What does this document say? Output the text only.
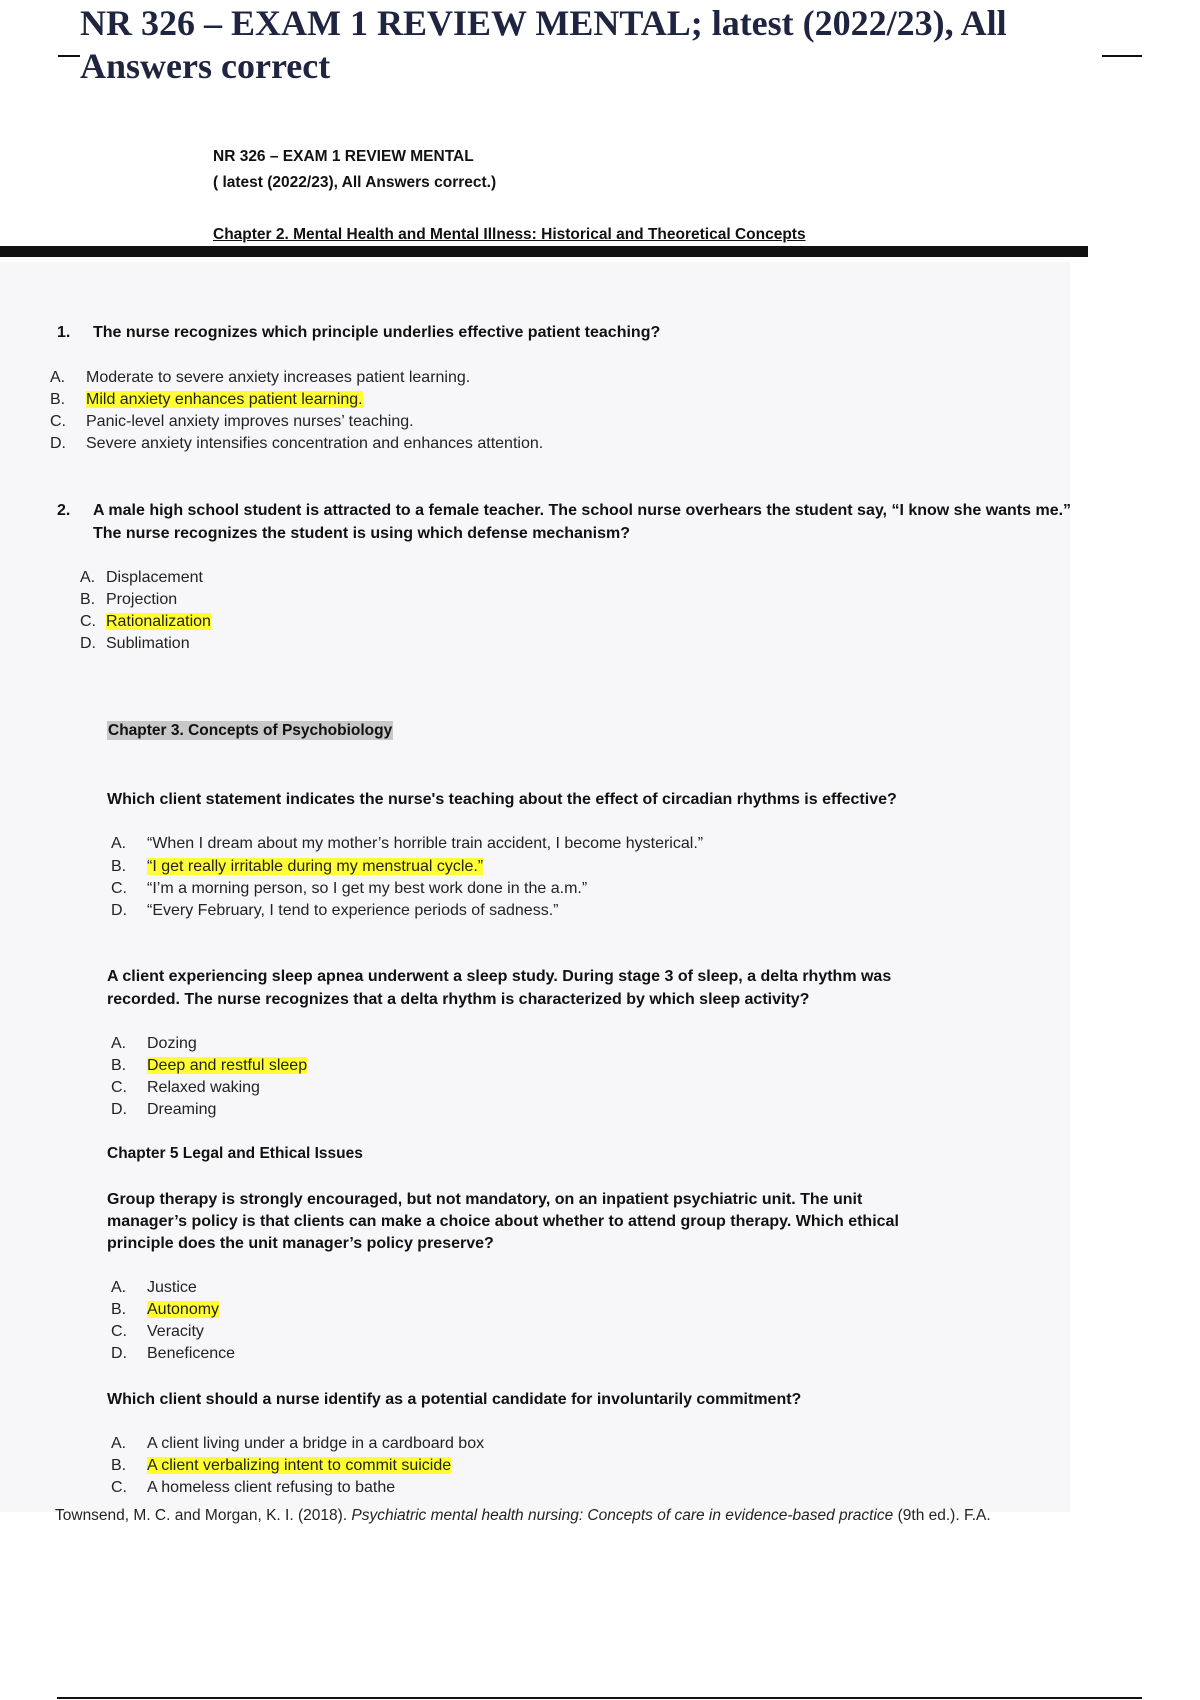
NR 326 – EXAM 1 REVIEW MENTAL; latest (2022/23), All Answers correct
NR 326 – EXAM 1 REVIEW MENTAL
( latest (2022/23), All Answers correct.)
Chapter 2. Mental Health and Mental Illness: Historical and Theoretical Concepts
1. The nurse recognizes which principle underlies effective patient teaching?
A. Moderate to severe anxiety increases patient learning.
B. Mild anxiety enhances patient learning.
C. Panic-level anxiety improves nurses’ teaching.
D. Severe anxiety intensifies concentration and enhances attention.
2. A male high school student is attracted to a female teacher. The school nurse overhears the student say, “I know she wants me.”
The nurse recognizes the student is using which defense mechanism?
A. Displacement
B. Projection
C. Rationalization
D. Sublimation
Chapter 3. Concepts of Psychobiology
Which client statement indicates the nurse's teaching about the effect of circadian rhythms is effective?
A. “When I dream about my mother’s horrible train accident, I become hysterical.”
B. “I get really irritable during my menstrual cycle.”
C. “I’m a morning person, so I get my best work done in the a.m.”
D. “Every February, I tend to experience periods of sadness.”
A client experiencing sleep apnea underwent a sleep study. During stage 3 of sleep, a delta rhythm was
recorded. The nurse recognizes that a delta rhythm is characterized by which sleep activity?
A. Dozing
B. Deep and restful sleep
C. Relaxed waking
D. Dreaming
Chapter 5 Legal and Ethical Issues
Group therapy is strongly encouraged, but not mandatory, on an inpatient psychiatric unit. The unit
manager’s policy is that clients can make a choice about whether to attend group therapy. Which ethical
principle does the unit manager’s policy preserve?
A. Justice
B. Autonomy
C. Veracity
D. Beneficence
Which client should a nurse identify as a potential candidate for involuntarily commitment?
A. A client living under a bridge in a cardboard box
B. A client verbalizing intent to commit suicide
C. A homeless client refusing to bathe
Townsend, M. C. and Morgan, K. I. (2018). Psychiatric mental health nursing: Concepts of care in evidence-based practice (9th ed.). F.A.
